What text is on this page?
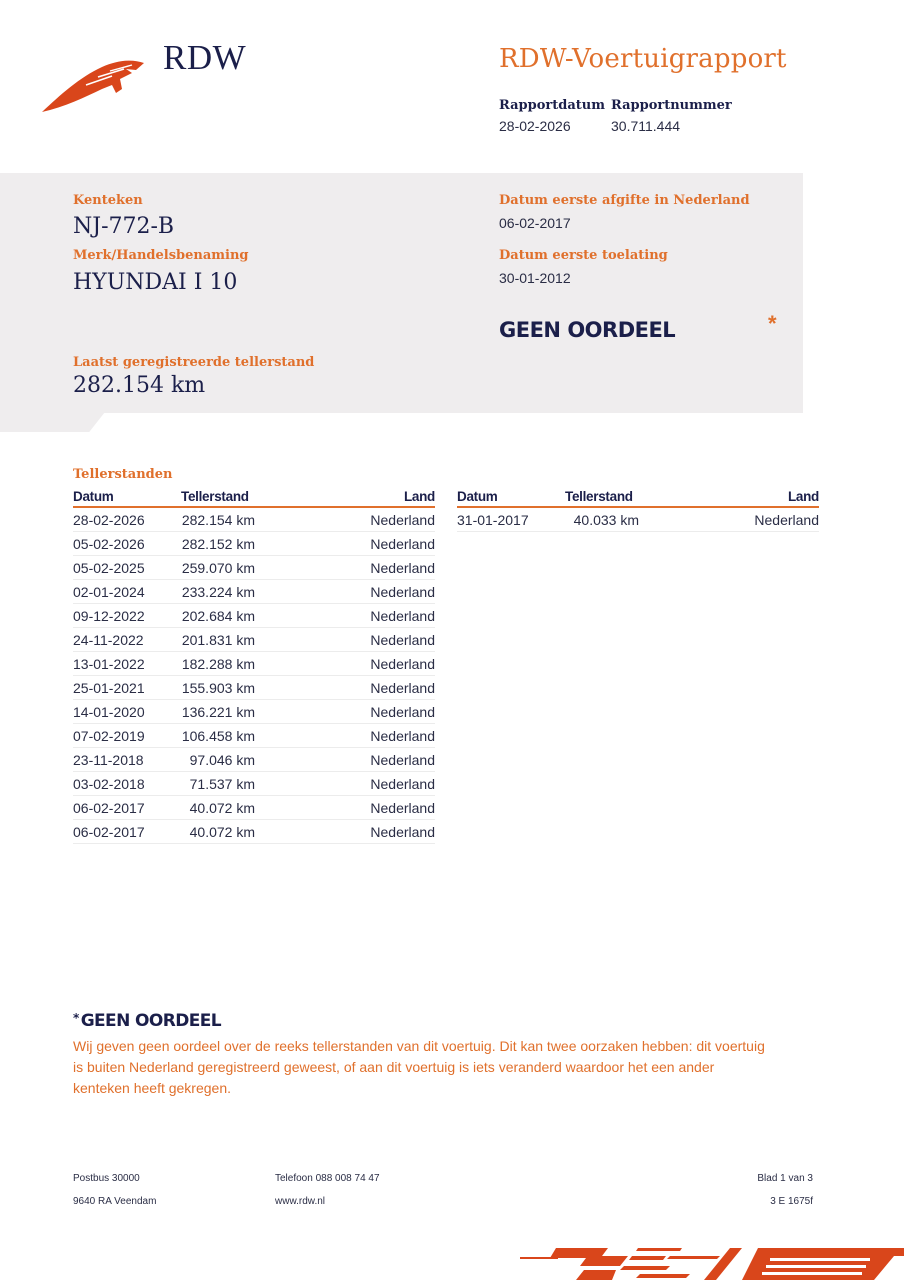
RDW	RDW-Voertuigrapport
Rapportdatum
28-02-2026
Rapportnummer
30.711.444
Kenteken
NJ-772-B
Merk/Handelsbenaming
HYUNDAI I 10
Laatst geregistreerde tellerstand
282.154 km
Datum eerste afgifte in Nederland
06-02-2017
Datum eerste toelating
30-01-2012
GEEN OORDEEL	*
Tellerstanden
Datum	Tellerstand	Land
28-02-2026	282.154 km	Nederland
05-02-2026	282.152 km	Nederland
05-02-2025	259.070 km	Nederland
02-01-2024	233.224 km	Nederland
09-12-2022	202.684 km	Nederland
24-11-2022	201.831 km	Nederland
13-01-2022	182.288 km	Nederland
25-01-2021	155.903 km	Nederland
14-01-2020	136.221 km	Nederland
07-02-2019	106.458 km	Nederland
23-11-2018	97.046 km	Nederland
03-02-2018	71.537 km	Nederland
06-02-2017	40.072 km	Nederland
06-02-2017	40.072 km	Nederland
Datum	Tellerstand	Land
31-01-2017	40.033 km	Nederland
* GEEN OORDEEL
Wij geven geen oordeel over de reeks tellerstanden van dit voertuig. Dit kan twee oorzaken hebben: dit voertuig is buiten Nederland geregistreerd geweest, of aan dit voertuig is iets veranderd waardoor het een ander kenteken heeft gekregen.
Postbus 30000
9640 RA Veendam
Telefoon 088 008 74 47
www.rdw.nl
Blad 1 van 3
3 E 1675f
